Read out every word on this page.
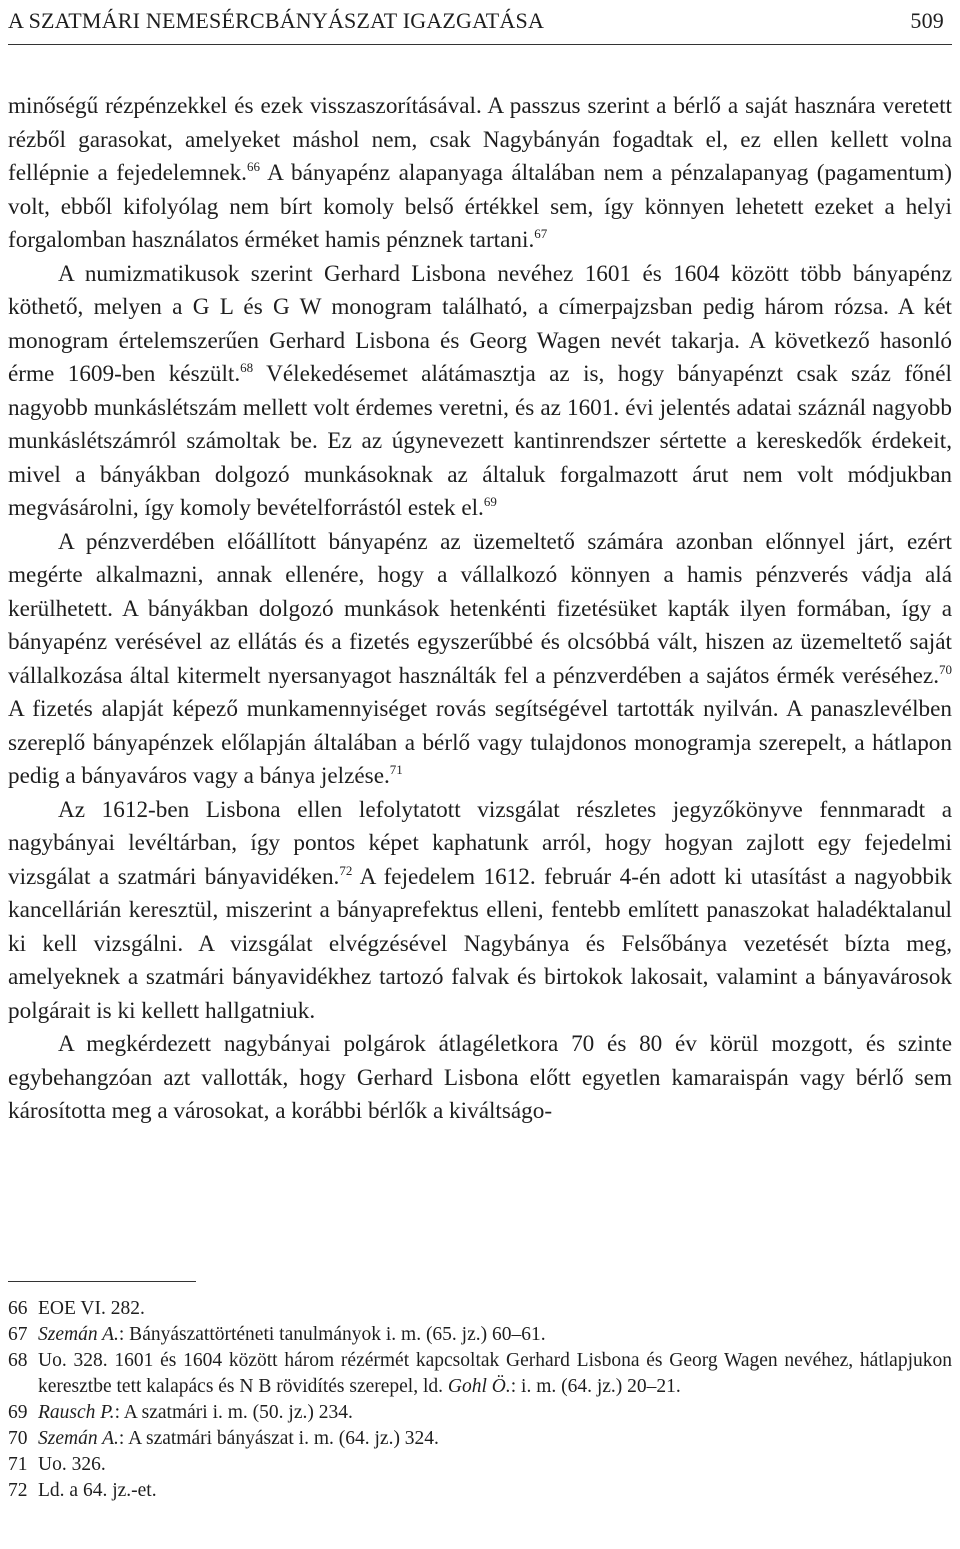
A SZATMÁRI NEMESÉRCBÁNYÁSZAT IGAZGATÁSA	509

minőségű rézpénzekkel és ezek visszaszorításával. A passzus szerint a bérlő a saját hasznára veretett rézből garasokat, amelyeket máshol nem, csak Nagybányán fogadtak el, ez ellen kellett volna fellépnie a fejedelemnek.$^{66}$ A bányapénz alapanyaga általában nem a pénzalapanyag (pagamentum) volt, ebből kifolyólag nem bírt komoly belső értékkel sem, így könnyen lehetett ezeket a helyi forgalomban használatos érméket hamis pénznek tartani.$^{67}$

A numizmatikusok szerint Gerhard Lisbona nevéhez 1601 és 1604 között több bányapénz köthető, melyen a G L és G W monogram található, a címerpajzsban pedig három rózsa. A két monogram értelemszerűen Gerhard Lisbona és Georg Wagen nevét takarja. A következő hasonló érme 1609-ben készült.$^{68}$ Vélekedésemet alátámasztja az is, hogy bányapénzt csak száz főnél nagyobb munkáslétszám mellett volt érdemes veretni, és az 1601. évi jelentés adatai száznál nagyobb munkáslétszámról számoltak be. Ez az úgynevezett kantinrendszer sértette a kereskedők érdekeit, mivel a bányákban dolgozó munkásoknak az általuk forgalmazott árut nem volt módjukban megvásárolni, így komoly bevételforrástól estek el.$^{69}$

A pénzverdében előállított bányapénz az üzemeltető számára azonban előnnyel járt, ezért megérte alkalmazni, annak ellenére, hogy a vállalkozó könnyen a hamis pénzverés vádja alá kerülhetett. A bányákban dolgozó munkások hetenkénti fizetésüket kapták ilyen formában, így a bányapénz verésével az ellátás és a fizetés egyszerűbbé és olcsóbbá vált, hiszen az üzemeltető saját vállalkozása által kitermelt nyersanyagot használták fel a pénzverdében a sajátos érmék veréséhez.$^{70}$ A fizetés alapját képező munkamennyiséget rovás segítségével tartották nyilván. A panaszlevélben szereplő bányapénzek előlapján általában a bérlő vagy tulajdonos monogramja szerepelt, a hátlapon pedig a bányaváros vagy a bánya jelzése.$^{71}$

Az 1612-ben Lisbona ellen lefolytatott vizsgálat részletes jegyzőkönyve fennmaradt a nagybányai levéltárban, így pontos képet kaphatunk arról, hogy hogyan zajlott egy fejedelmi vizsgálat a szatmári bányavidéken.$^{72}$ A fejedelem 1612. február 4-én adott ki utasítást a nagyobbik kancellárián keresztül, miszerint a bányaprefektus elleni, fentebb említett panaszokat haladéktalanul ki kell vizsgálni. A vizsgálat elvégzésével Nagybánya és Felsőbánya vezetését bízta meg, amelyeknek a szatmári bányavidékhez tartozó falvak és birtokok lakosait, valamint a bányavárosok polgárait is ki kellett hallgatniuk.

A megkérdezett nagybányai polgárok átlagéletkora 70 és 80 év körül mozgott, és szinte egybehangzóan azt vallották, hogy Gerhard Lisbona előtt egyetlen kamaraispán vagy bérlő sem károsította meg a városokat, a korábbi bérlők a kiváltságo-

66 EOE VI. 282.
67 Szemán A.: Bányászattörténeti tanulmányok i. m. (65. jz.) 60–61.
68 Uo. 328. 1601 és 1604 között három rézérmét kapcsoltak Gerhard Lisbona és Georg Wagen nevéhez, hátlapjukon keresztbe tett kalapács és N B rövidítés szerepel, ld. Gohl Ö.: i. m. (64. jz.) 20–21.
69 Rausch P.: A szatmári i. m. (50. jz.) 234.
70 Szemán A.: A szatmári bányászat i. m. (64. jz.) 324.
71 Uo. 326.
72 Ld. a 64. jz.-et.
